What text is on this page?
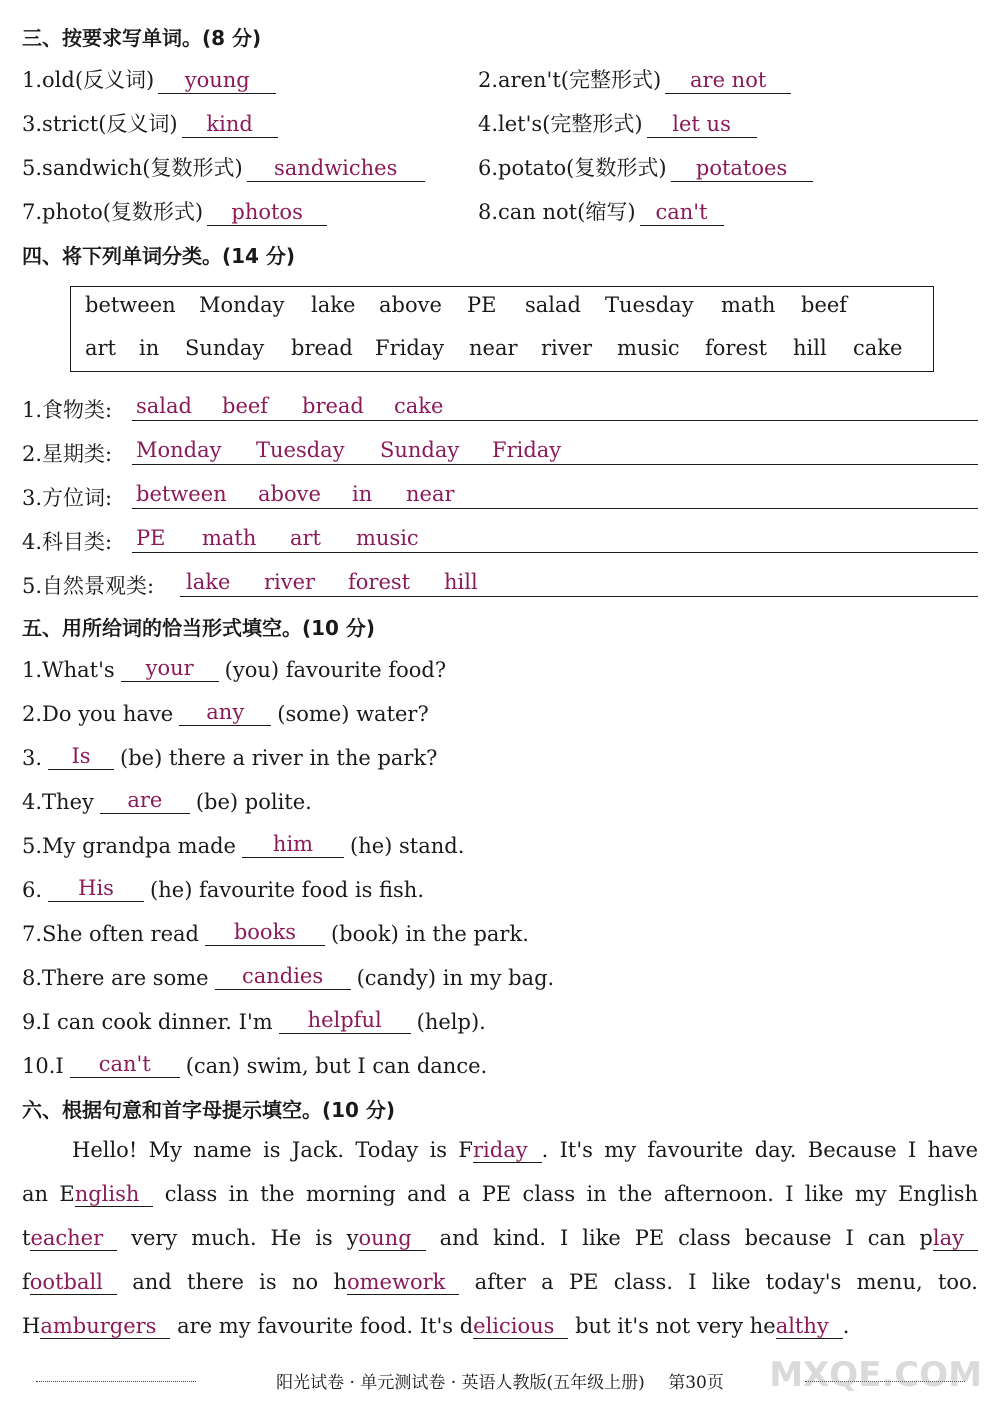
三、按要求写单词。(8 分)
1.old(反义词) young	2.aren't(完整形式) are not
3.strict(反义词) kind	4.let's(完整形式) let us
5.sandwich(复数形式) sandwiches	6.potato(复数形式) potatoes
7.photo(复数形式) photos	8.can not(缩写) can't
四、将下列单词分类。(14 分)
between Monday lake above PE salad Tuesday math beef
art in Sunday bread Friday near river music forest hill cake
1.食物类: salad beef bread cake
2.星期类: Monday Tuesday Sunday Friday
3.方位词: between above in near
4.科目类: PE math art music
5.自然景观类: lake river forest hill
五、用所给词的恰当形式填空。(10 分)
1.What's your (you) favourite food?
2.Do you have any (some) water?
3. Is (be) there a river in the park?
4.They are (be) polite.
5.My grandpa made him (he) stand.
6. His (he) favourite food is fish.
7.She often read books (book) in the park.
8.There are some candies (candy) in my bag.
9.I can cook dinner. I'm helpful (help).
10.I can't (can) swim, but I can dance.
六、根据句意和首字母提示填空。(10 分)
Hello! My name is Jack. Today is Friday . It's my favourite day. Because I have
an English class in the morning and a PE class in the afternoon. I like my English
teacher very much. He is young and kind. I like PE class because I can play
football and there is no homework after a PE class. I like today's menu, too.
Hamburgers are my favourite food. It's delicious but it's not very healthy .
阳光试卷 · 单元测试卷 · 英语人教版(五年级上册) 第30页	MXQE.COM
